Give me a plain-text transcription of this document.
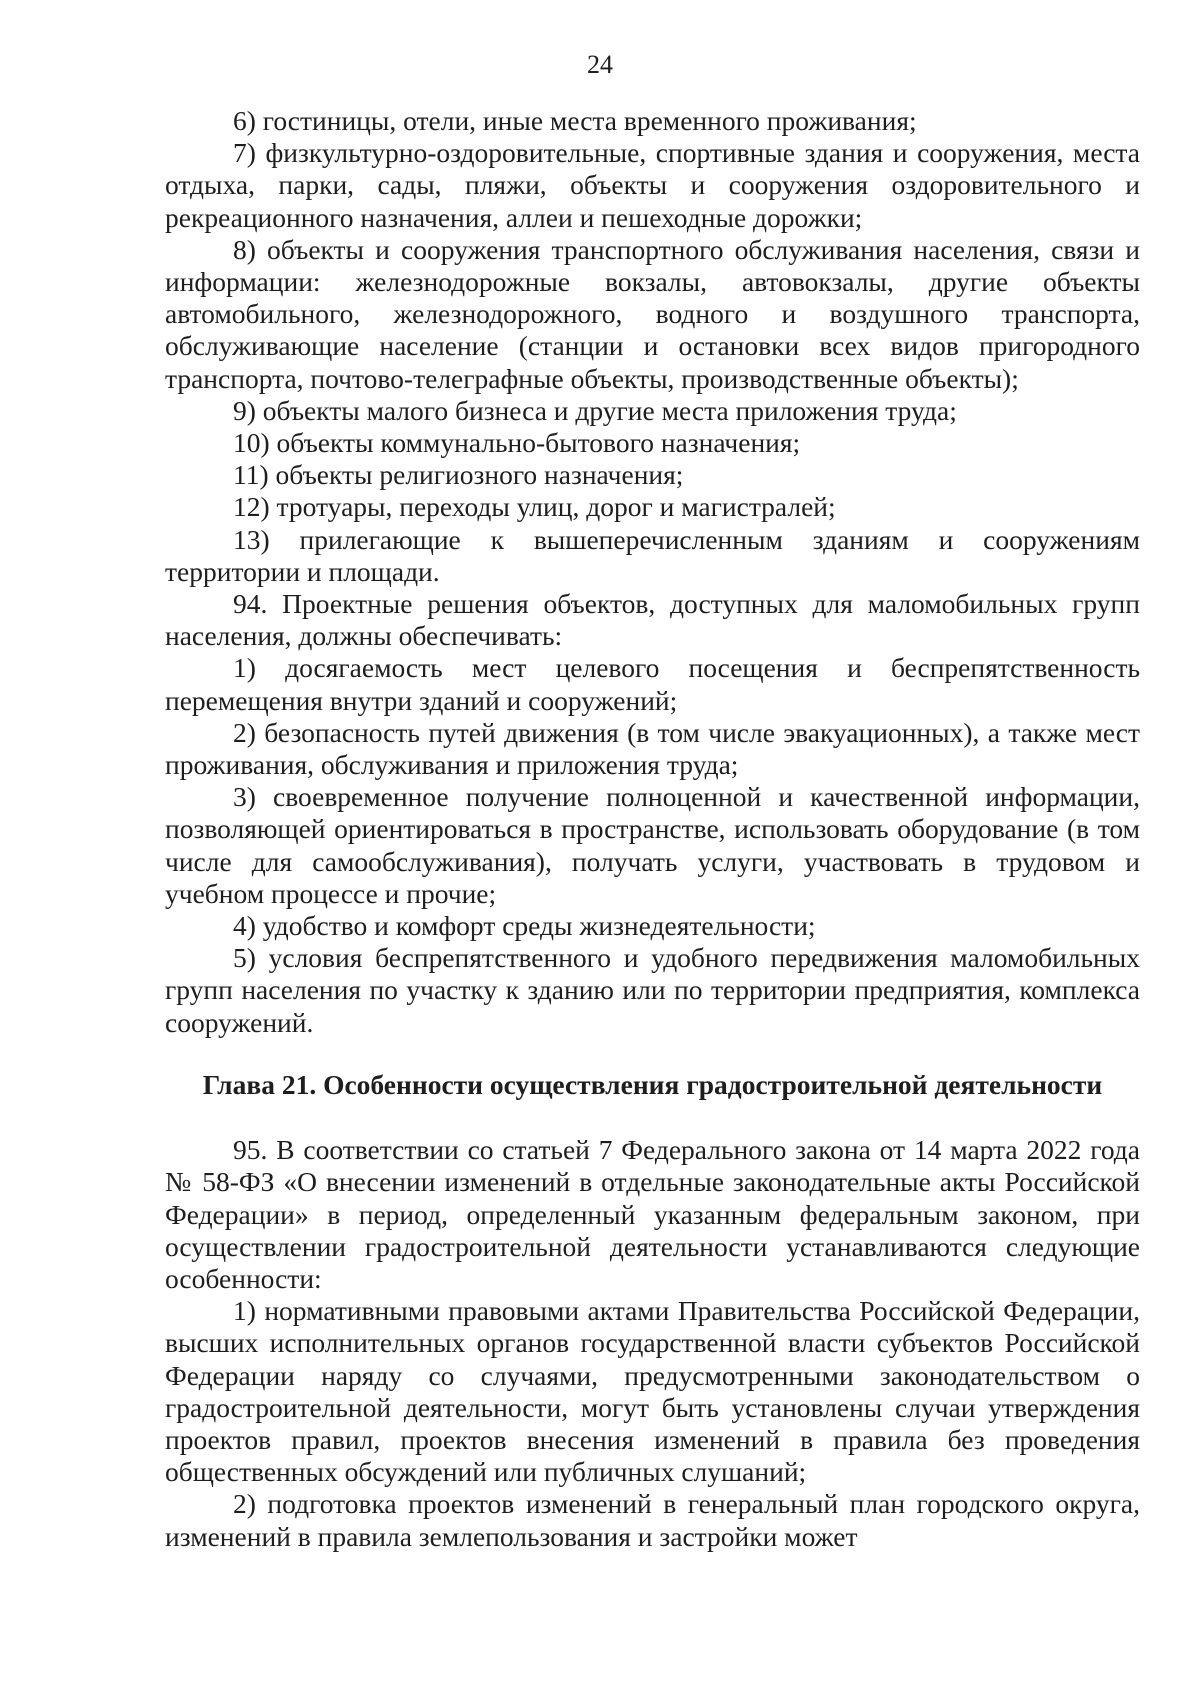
24

6) гостиницы, отели, иные места временного проживания;

7) физкультурно-оздоровительные, спортивные здания и сооружения, места отдыха, парки, сады, пляжи, объекты и сооружения оздоровительного и рекреационного назначения, аллеи и пешеходные дорожки;

8) объекты и сооружения транспортного обслуживания населения, связи и информации: железнодорожные вокзалы, автовокзалы, другие объекты автомобильного, железнодорожного, водного и воздушного транспорта, обслуживающие население (станции и остановки всех видов пригородного транспорта, почтово-телеграфные объекты, производственные объекты);

9) объекты малого бизнеса и другие места приложения труда;

10) объекты коммунально-бытового назначения;

11) объекты религиозного назначения;

12) тротуары, переходы улиц, дорог и магистралей;

13) прилегающие к вышеперечисленным зданиям и сооружениям территории и площади.

94. Проектные решения объектов, доступных для маломобильных групп населения, должны обеспечивать:

1) досягаемость мест целевого посещения и беспрепятственность перемещения внутри зданий и сооружений;

2) безопасность путей движения (в том числе эвакуационных), а также мест проживания, обслуживания и приложения труда;

3) своевременное получение полноценной и качественной информации, позволяющей ориентироваться в пространстве, использовать оборудование (в том числе для самообслуживания), получать услуги, участвовать в трудовом и учебном процессе и прочие;

4) удобство и комфорт среды жизнедеятельности;

5) условия беспрепятственного и удобного передвижения маломобильных групп населения по участку к зданию или по территории предприятия, комплекса сооружений.

Глава 21. Особенности осуществления градостроительной деятельности

95. В соответствии со статьей 7 Федерального закона от 14 марта 2022 года № 58-ФЗ «О внесении изменений в отдельные законодательные акты Российской Федерации» в период, определенный указанным федеральным законом, при осуществлении градостроительной деятельности устанавливаются следующие особенности:

1) нормативными правовыми актами Правительства Российской Федерации, высших исполнительных органов государственной власти субъектов Российской Федерации наряду со случаями, предусмотренными законодательством о градостроительной деятельности, могут быть установлены случаи утверждения проектов правил, проектов внесения изменений в правила без проведения общественных обсуждений или публичных слушаний;

2) подготовка проектов изменений в генеральный план городского округа, изменений в правила землепользования и застройки может
